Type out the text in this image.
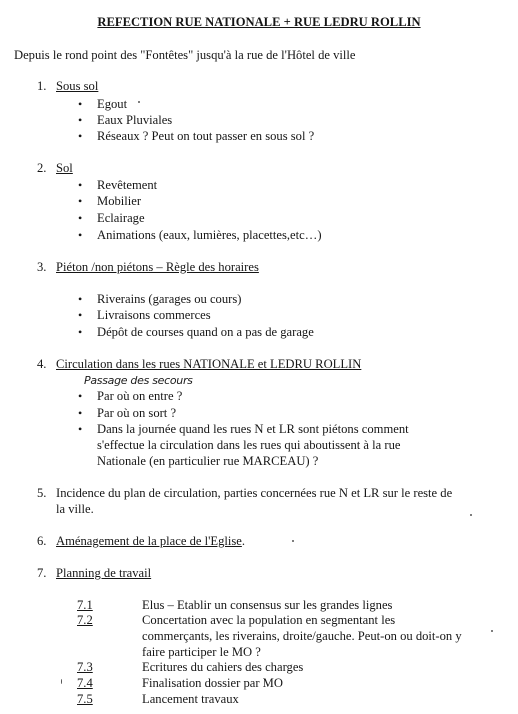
REFECTION RUE NATIONALE + RUE LEDRU ROLLIN
Depuis le rond point des "Fontêtes" jusqu'à la rue de l'Hôtel de ville
1. Sous sol
• Egout
• Eaux Pluviales
• Réseaux ? Peut on tout passer en sous sol ?
2. Sol
• Revêtement
• Mobilier
• Eclairage
• Animations (eaux, lumières, placettes,etc…)
3. Piéton /non piétons – Règle des horaires
• Riverains (garages ou cours)
• Livraisons commerces
• Dépôt de courses quand on a pas de garage
4. Circulation dans les rues NATIONALE et LEDRU ROLLIN
Passage des secours
• Par où on entre ?
• Par où on sort ?
• Dans la journée quand les rues N et LR sont piétons comment
s'effectue la circulation dans les rues qui aboutissent à la rue
Nationale (en particulier rue MARCEAU) ?
5. Incidence du plan de circulation, parties concernées rue N et LR sur le reste de
la ville.
6. Aménagement de la place de l'Eglise.
7. Planning de travail
7.1	Elus – Etablir un consensus sur les grandes lignes
7.2	Concertation avec la population en segmentant les
commerçants, les riverains, droite/gauche. Peut-on ou doit-on y
faire participer le MO ?
7.3	Ecritures du cahiers des charges
7.4	Finalisation dossier par MO
7.5	Lancement travaux
